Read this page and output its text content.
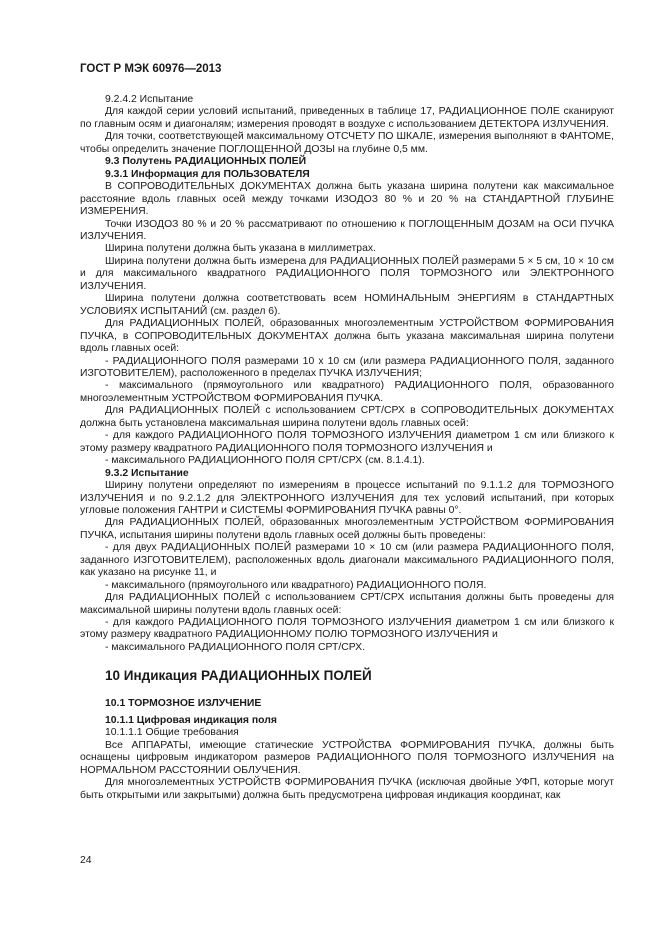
ГОСТ Р МЭК 60976—2013
9.2.4.2 Испытание
Для каждой серии условий испытаний, приведенных в таблице 17, РАДИАЦИОННОЕ ПОЛЕ сканируют по главным осям и диагоналям; измерения проводят в воздухе с использованием ДЕТЕКТОРА ИЗЛУЧЕНИЯ.
Для точки, соответствующей максимальному ОТСЧЕТУ ПО ШКАЛЕ, измерения выполняют в ФАНТОМЕ, чтобы определить значение ПОГЛОЩЕННОЙ ДОЗЫ на глубине 0,5 мм.
9.3 Полутень РАДИАЦИОННЫХ ПОЛЕЙ
9.3.1 Информация для ПОЛЬЗОВАТЕЛЯ
В СОПРОВОДИТЕЛЬНЫХ ДОКУМЕНТАХ должна быть указана ширина полутени как максимальное расстояние вдоль главных осей между точками ИЗОДОЗ 80 % и 20 % на СТАНДАРТНОЙ ГЛУБИНЕ ИЗМЕРЕНИЯ.
Точки ИЗОДОЗ 80 % и 20 % рассматривают по отношению к ПОГЛОЩЕННЫМ ДОЗАМ на ОСИ ПУЧКА ИЗЛУЧЕНИЯ.
Ширина полутени должна быть указана в миллиметрах.
Ширина полутени должна быть измерена для РАДИАЦИОННЫХ ПОЛЕЙ размерами 5 × 5 см, 10 × 10 см и для максимального квадратного РАДИАЦИОННОГО ПОЛЯ ТОРМОЗНОГО или ЭЛЕКТРОННОГО ИЗЛУЧЕНИЯ.
Ширина полутени должна соответствовать всем НОМИНАЛЬНЫМ ЭНЕРГИЯМ в СТАНДАРТНЫХ УСЛОВИЯХ ИСПЫТАНИЙ (см. раздел 6).
Для РАДИАЦИОННЫХ ПОЛЕЙ, образованных многоэлементным УСТРОЙСТВОМ ФОРМИРОВАНИЯ ПУЧКА, в СОПРОВОДИТЕЛЬНЫХ ДОКУМЕНТАХ должна быть указана максимальная ширина полутени вдоль главных осей:
- РАДИАЦИОННОГО ПОЛЯ размерами 10 x 10 см (или размера РАДИАЦИОННОГО ПОЛЯ, заданного ИЗГОТОВИТЕЛЕМ), расположенного в пределах ПУЧКА ИЗЛУЧЕНИЯ;
- максимального (прямоугольного или квадратного) РАДИАЦИОННОГО ПОЛЯ, образованного многоэлементным УСТРОЙСТВОМ ФОРМИРОВАНИЯ ПУЧКА.
Для РАДИАЦИОННЫХ ПОЛЕЙ с использованием СРТ/СРХ в СОПРОВОДИТЕЛЬНЫХ ДОКУМЕНТАХ должна быть установлена максимальная ширина полутени вдоль главных осей:
- для каждого РАДИАЦИОННОГО ПОЛЯ ТОРМОЗНОГО ИЗЛУЧЕНИЯ диаметром 1 см или близкого к этому размеру квадратного РАДИАЦИОННОГО ПОЛЯ ТОРМОЗНОГО ИЗЛУЧЕНИЯ и
- максимального РАДИАЦИОННОГО ПОЛЯ СРТ/СРХ (см. 8.1.4.1).
9.3.2 Испытание
Ширину полутени определяют по измерениям в процессе испытаний по 9.1.1.2 для ТОРМОЗНОГО ИЗЛУЧЕНИЯ и по 9.2.1.2 для ЭЛЕКТРОННОГО ИЗЛУЧЕНИЯ для тех условий испытаний, при которых угловые положения ГАНТРИ и СИСТЕМЫ ФОРМИРОВАНИЯ ПУЧКА равны 0°.
Для РАДИАЦИОННЫХ ПОЛЕЙ, образованных многоэлементным УСТРОЙСТВОМ ФОРМИРОВАНИЯ ПУЧКА, испытания ширины полутени вдоль главных осей должны быть проведены:
- для двух РАДИАЦИОННЫХ ПОЛЕЙ размерами 10 × 10 см (или размера РАДИАЦИОННОГО ПОЛЯ, заданного ИЗГОТОВИТЕЛЕМ), расположенных вдоль диагонали максимального РАДИАЦИОННОГО ПОЛЯ, как указано на рисунке 11, и
- максимального (прямоугольного или квадратного) РАДИАЦИОННОГО ПОЛЯ.
Для РАДИАЦИОННЫХ ПОЛЕЙ с использованием СРТ/СРХ испытания должны быть проведены для максимальной ширины полутени вдоль главных осей:
- для каждого РАДИАЦИОННОГО ПОЛЯ ТОРМОЗНОГО ИЗЛУЧЕНИЯ диаметром 1 см или близкого к этому размеру квадратного РАДИАЦИОННОМУ ПОЛЮ ТОРМОЗНОГО ИЗЛУЧЕНИЯ и
- максимального РАДИАЦИОННОГО ПОЛЯ СРТ/СРХ.
10 Индикация РАДИАЦИОННЫХ ПОЛЕЙ
10.1 ТОРМОЗНОЕ ИЗЛУЧЕНИЕ
10.1.1 Цифровая индикация поля
10.1.1.1 Общие требования
Все АППАРАТЫ, имеющие статические УСТРОЙСТВА ФОРМИРОВАНИЯ ПУЧКА, должны быть оснащены цифровым индикатором размеров РАДИАЦИОННОГО ПОЛЯ ТОРМОЗНОГО ИЗЛУЧЕНИЯ на НОРМАЛЬНОМ РАССТОЯНИИ ОБЛУЧЕНИЯ.
Для многоэлементных УСТРОЙСТВ ФОРМИРОВАНИЯ ПУЧКА (исключая двойные УФП, которые могут быть открытыми или закрытыми) должна быть предусмотрена цифровая индикация координат, как
24
